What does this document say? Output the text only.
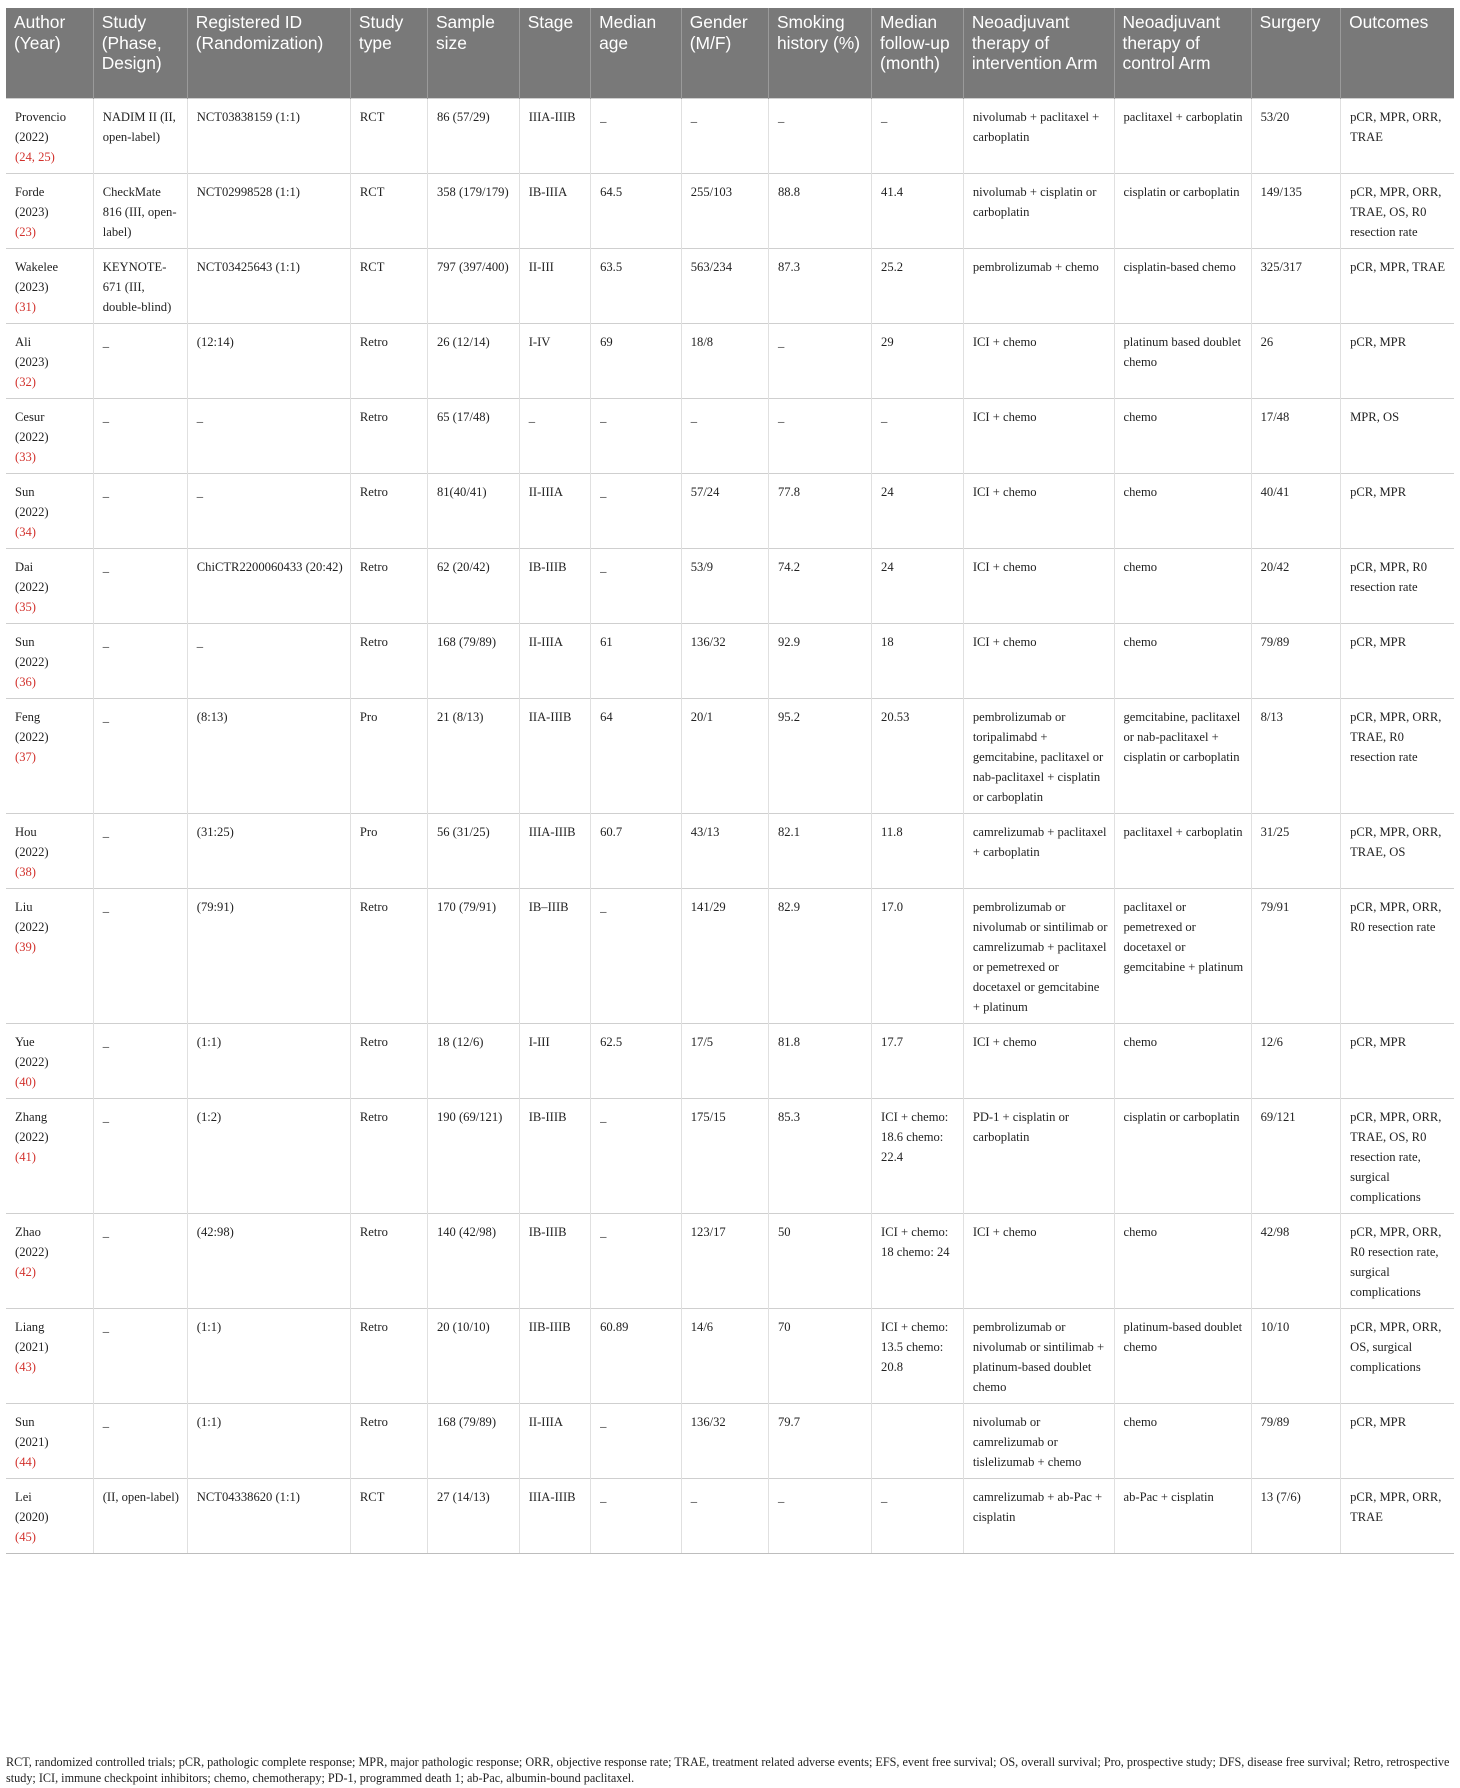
Author (Year)	Study (Phase, Design)	Registered ID (Randomization)	Study type	Sample size	Stage	Median age	Gender (M/F)	Smoking history (%)	Median follow-up (month)	Neoadjuvant therapy of intervention Arm	Neoadjuvant therapy of control Arm	Surgery	Outcomes

Provencio
(2022)
(24, 25)	NADIM II (II, open-label)	NCT03838159 (1:1)	RCT	86 (57/29)	IIIA-IIIB	_	_	_	_	nivolumab + paclitaxel + carboplatin	paclitaxel + carboplatin	53/20	pCR, MPR, ORR, TRAE

Forde
(2023)
(23)	CheckMate 816 (III, open-label)	NCT02998528 (1:1)	RCT	358 (179/179)	IB-IIIA	64.5	255/103	88.8	41.4	nivolumab + cisplatin or carboplatin	cisplatin or carboplatin	149/135	pCR, MPR, ORR, TRAE, OS, R0 resection rate

Wakelee
(2023)
(31)	KEYNOTE-671 (III, double-blind)	NCT03425643 (1:1)	RCT	797 (397/400)	II-III	63.5	563/234	87.3	25.2	pembrolizumab + chemo	cisplatin-based chemo	325/317	pCR, MPR, TRAE

Ali
(2023)
(32)	_	(12:14)	Retro	26 (12/14)	I-IV	69	18/8	_	29	ICI + chemo	platinum based doublet chemo	26	pCR, MPR

Cesur
(2022)
(33)	_	_	Retro	65 (17/48)	_	_	_	_	_	ICI + chemo	chemo	17/48	MPR, OS

Sun
(2022)
(34)	_	_	Retro	81(40/41)	II-IIIA	_	57/24	77.8	24	ICI + chemo	chemo	40/41	pCR, MPR

Dai
(2022)
(35)	_	ChiCTR2200060433 (20:42)	Retro	62 (20/42)	IB-IIIB	_	53/9	74.2	24	ICI + chemo	chemo	20/42	pCR, MPR, R0 resection rate

Sun
(2022)
(36)	_	_	Retro	168 (79/89)	II-IIIA	61	136/32	92.9	18	ICI + chemo	chemo	79/89	pCR, MPR

Feng
(2022)
(37)	_	(8:13)	Pro	21 (8/13)	IIA-IIIB	64	20/1	95.2	20.53	pembrolizumab or toripalimabd + gemcitabine, paclitaxel or nab-paclitaxel + cisplatin or carboplatin	gemcitabine, paclitaxel or nab-paclitaxel + cisplatin or carboplatin	8/13	pCR, MPR, ORR, TRAE, R0 resection rate

Hou
(2022)
(38)	_	(31:25)	Pro	56 (31/25)	IIIA-IIIB	60.7	43/13	82.1	11.8	camrelizumab + paclitaxel + carboplatin	paclitaxel + carboplatin	31/25	pCR, MPR, ORR, TRAE, OS

Liu
(2022)
(39)	_	(79:91)	Retro	170 (79/91)	IB–IIIB	_	141/29	82.9	17.0	pembrolizumab or nivolumab or sintilimab or camrelizumab + paclitaxel or pemetrexed or docetaxel or gemcitabine + platinum	paclitaxel or pemetrexed or docetaxel or gemcitabine + platinum	79/91	pCR, MPR, ORR, R0 resection rate

Yue
(2022)
(40)	_	(1:1)	Retro	18 (12/6)	I-III	62.5	17/5	81.8	17.7	ICI + chemo	chemo	12/6	pCR, MPR

Zhang
(2022)
(41)	_	(1:2)	Retro	190 (69/121)	IB-IIIB	_	175/15	85.3	ICI + chemo: 18.6 chemo: 22.4	PD-1 + cisplatin or carboplatin	cisplatin or carboplatin	69/121	pCR, MPR, ORR, TRAE, OS, R0 resection rate, surgical complications

Zhao
(2022)
(42)	_	(42:98)	Retro	140 (42/98)	IB-IIIB	_	123/17	50	ICI + chemo: 18 chemo: 24	ICI + chemo	chemo	42/98	pCR, MPR, ORR, R0 resection rate, surgical complications

Liang
(2021)
(43)	_	(1:1)	Retro	20 (10/10)	IIB-IIIB	60.89	14/6	70	ICI + chemo: 13.5 chemo: 20.8	pembrolizumab or nivolumab or sintilimab + platinum-based doublet chemo	platinum-based doublet chemo	10/10	pCR, MPR, ORR, OS, surgical complications

Sun
(2021)
(44)	_	(1:1)	Retro	168 (79/89)	II-IIIA	_	136/32	79.7		nivolumab or camrelizumab or tislelizumab + chemo	chemo	79/89	pCR, MPR

Lei
(2020)
(45)	(II, open-label)	NCT04338620 (1:1)	RCT	27 (14/13)	IIIA-IIIB	_	_	_	_	camrelizumab + ab-Pac + cisplatin	ab-Pac + cisplatin	13 (7/6)	pCR, MPR, ORR, TRAE
RCT, randomized controlled trials; pCR, pathologic complete response; MPR, major pathologic response; ORR, objective response rate; TRAE, treatment related adverse events; EFS, event free survival; OS, overall survival; Pro, prospective study; DFS, disease free survival; Retro, retrospective study; ICI, immune checkpoint inhibitors; chemo, chemotherapy; PD-1, programmed death 1; ab-Pac, albumin-bound paclitaxel.
